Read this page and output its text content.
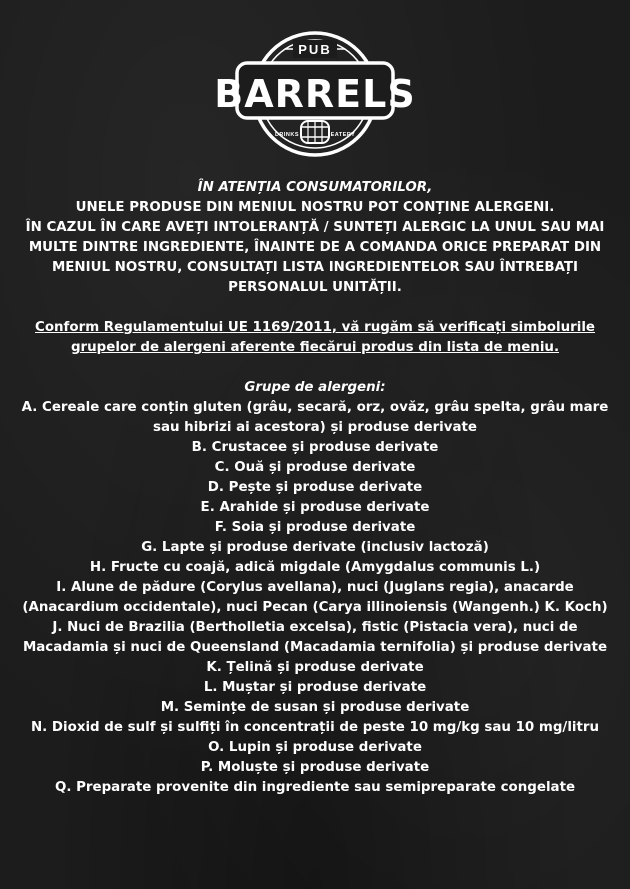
PUB
BARRELS
DRINKS	EATERY

ÎN ATENȚIA CONSUMATORILOR,

UNELE PRODUSE DIN MENIUL NOSTRU POT CONȚINE ALERGENI.

ÎN CAZUL ÎN CARE AVEȚI INTOLERANȚĂ / SUNTEȚI ALERGIC LA UNUL SAU MAI MULTE DINTRE INGREDIENTE, ÎNAINTE DE A COMANDA ORICE PREPARAT DIN MENIUL NOSTRU, CONSULTAȚI LISTA INGREDIENTELOR SAU ÎNTREBAȚI PERSONALUL UNITĂȚII.

Conform Regulamentului UE 1169/2011, vă rugăm să verificați simbolurile grupelor de alergeni aferente fiecărui produs din lista de meniu.

Grupe de alergeni:

A. Cereale care conțin gluten (grâu, secară, orz, ovăz, grâu spelta, grâu mare sau hibrizi ai acestora) și produse derivate
B. Crustacee și produse derivate
C. Ouă și produse derivate
D. Pește și produse derivate
E. Arahide și produse derivate
F. Soia și produse derivate
G. Lapte și produse derivate (inclusiv lactoză)
H. Fructe cu coajă, adică migdale (Amygdalus communis L.)
I. Alune de pădure (Corylus avellana), nuci (Juglans regia), anacarde (Anacardium occidentale), nuci Pecan (Carya illinoiensis (Wangenh.) K. Koch)
J. Nuci de Brazilia (Bertholletia excelsa), fistic (Pistacia vera), nuci de Macadamia și nuci de Queensland (Macadamia ternifolia) și produse derivate
K. Țelină și produse derivate
L. Muștar și produse derivate
M. Semințe de susan și produse derivate
N. Dioxid de sulf și sulfiți în concentrații de peste 10 mg/kg sau 10 mg/litru
O. Lupin și produse derivate
P. Moluște și produse derivate
Q. Preparate provenite din ingrediente sau semipreparate congelate
